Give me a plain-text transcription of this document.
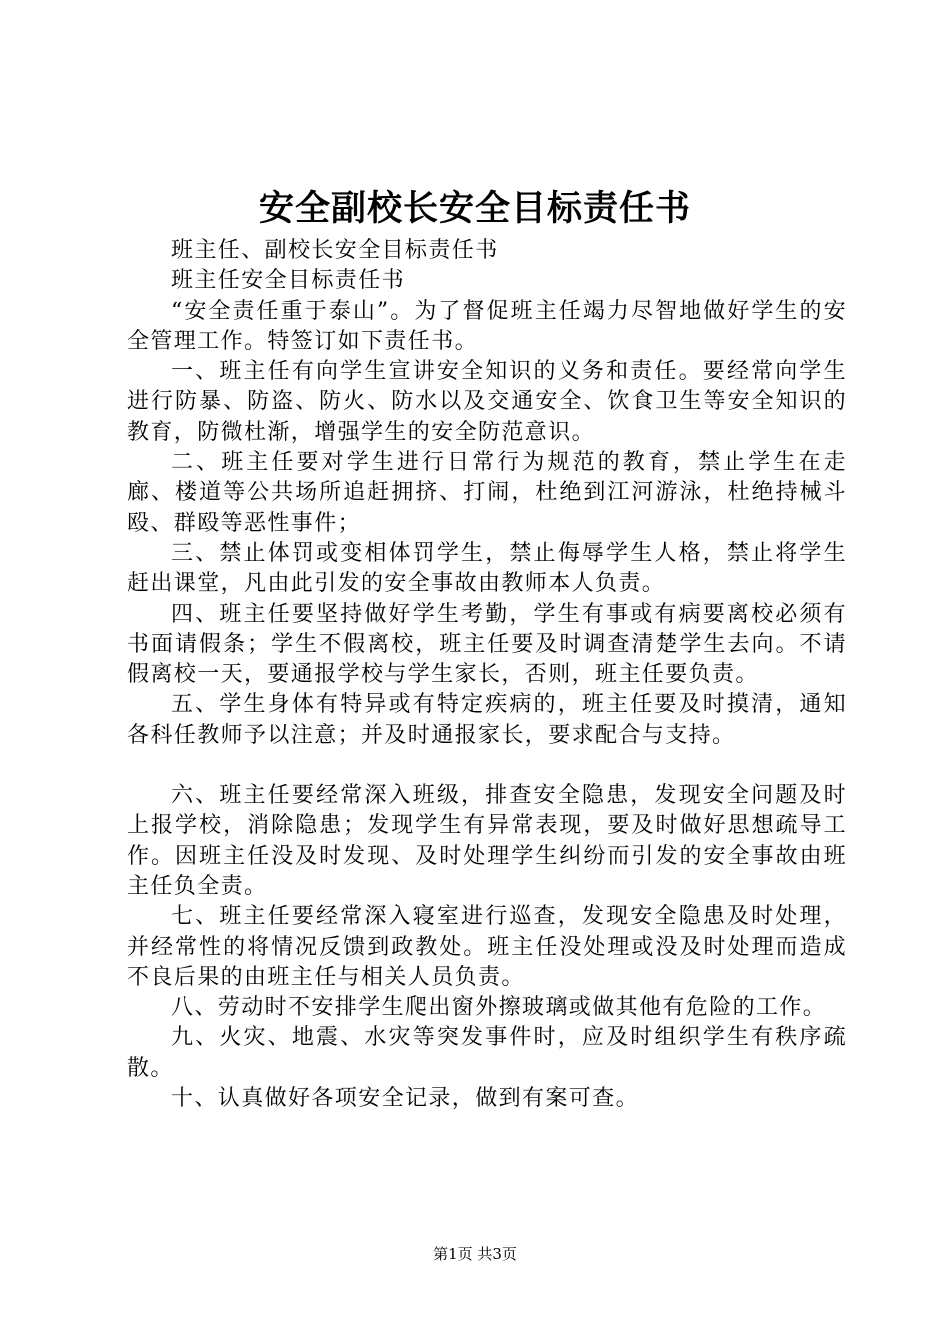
安全副校长安全目标责任书

班主任、副校长安全目标责任书

班主任安全目标责任书

“安全责任重于泰山”。为了督促班主任竭力尽智地做好学生的安全管理工作。特签订如下责任书。

一、班主任有向学生宣讲安全知识的义务和责任。要经常向学生进行防暴、防盗、防火、防水以及交通安全、饮食卫生等安全知识的教育，防微杜渐，增强学生的安全防范意识。

二、班主任要对学生进行日常行为规范的教育，禁止学生在走廊、楼道等公共场所追赶拥挤、打闹，杜绝到江河游泳，杜绝持械斗殴、群殴等恶性事件；

三、禁止体罚或变相体罚学生，禁止侮辱学生人格，禁止将学生赶出课堂，凡由此引发的安全事故由教师本人负责。

四、班主任要坚持做好学生考勤，学生有事或有病要离校必须有书面请假条；学生不假离校，班主任要及时调查清楚学生去向。不请假离校一天，要通报学校与学生家长，否则，班主任要负责。

五、学生身体有特异或有特定疾病的，班主任要及时摸清，通知各科任教师予以注意；并及时通报家长，要求配合与支持。

六、班主任要经常深入班级，排查安全隐患，发现安全问题及时上报学校，消除隐患；发现学生有异常表现，要及时做好思想疏导工作。因班主任没及时发现、及时处理学生纠纷而引发的安全事故由班主任负全责。

七、班主任要经常深入寝室进行巡查，发现安全隐患及时处理，并经常性的将情况反馈到政教处。班主任没处理或没及时处理而造成不良后果的由班主任与相关人员负责。

八、劳动时不安排学生爬出窗外擦玻璃或做其他有危险的工作。

九、火灾、地震、水灾等突发事件时，应及时组织学生有秩序疏散。

十、认真做好各项安全记录，做到有案可查。

第1页 共3页
